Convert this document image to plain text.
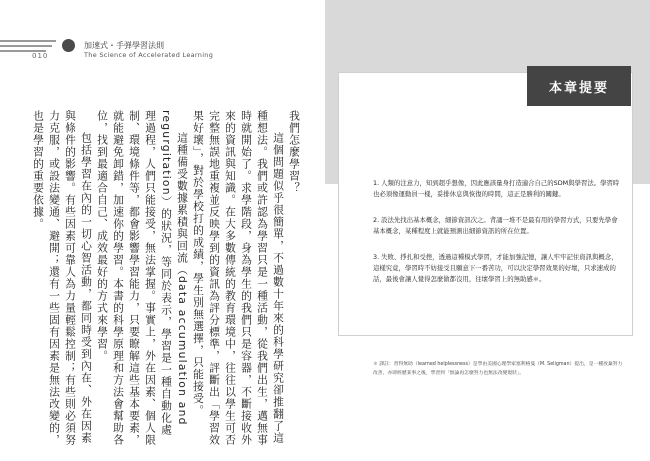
010
加速式・手弹學習法則
The Science of Accelerated Learning

我們怎麼學習？

這個問題似乎很簡單，不過數十年來的科學研究卻推翻了這種想法。我們或許認為學習只是一種活動，從我們出生，邁無事時就開始了。求學階段，身為學生的我們只是容器，不斷接收外來的資訊與知識。在大多數傳統的教育環境中，往往以學生可否完整無誤地重複並反映學到的資訊為評分標準，評斷出「學習效果好壞」，對於學校打的成績，學生別無選擇，只能接受。

這種備受數據累積與回流（data accumulation and regurgitation）的狀況，等同於表示，學習是一種自動化處理過程，人們只能接受，無法掌握。事實上，外在因素、個人限制、環境條件等，都會影響學習能力，只要瞭解這些基本要素，就能避免卸錯，加速你的學習。本書的科學原理和方法會幫助各位，找到最適合自己、成效最好的方式來學習。

包括學習在內的一切心智活動，都同時受到內在、外在因素與條件的影響。有些因素可靠人為力量輕鬆控制；有些則必須努力克服，或設法變通、避開；還有一些固有因素是無法改變的，也是學習的重要依據。

本章提要
＊ 譯註：習得無助（learned helplessness）是學由美國心理學家塞利格曼（M. Seligman）提出，是一種放棄努力改善，亦即經歷某事之後，學習到「無論再怎麼努力也無法改變現狀」。
1. 人類的注意力，知到超乎想像，因此應該量身打造適合自己的SDM與學習法。學習時也必須像運動員一樣，妥排休息與恢復的時間，這正是勝利的關鍵。
2. 設法先找出基本概念，細節資訊次之。背誦一堆不是最有用的學習方式，只要先學會基本概念，某種程度上就能預測出細節資訊的所在位置。
3. 失敗、掙扎和受挫，透過這種模式學習，才能加強記憶，讓人牢牢記住資訊與概念，這樣究竟，學習時不妨接受且願意下一番苦功，可以決定學習效果的好壞，只求速成的話，最後會讓人覺得怎麼做都沒用，往壞學習上的無助感＊。
